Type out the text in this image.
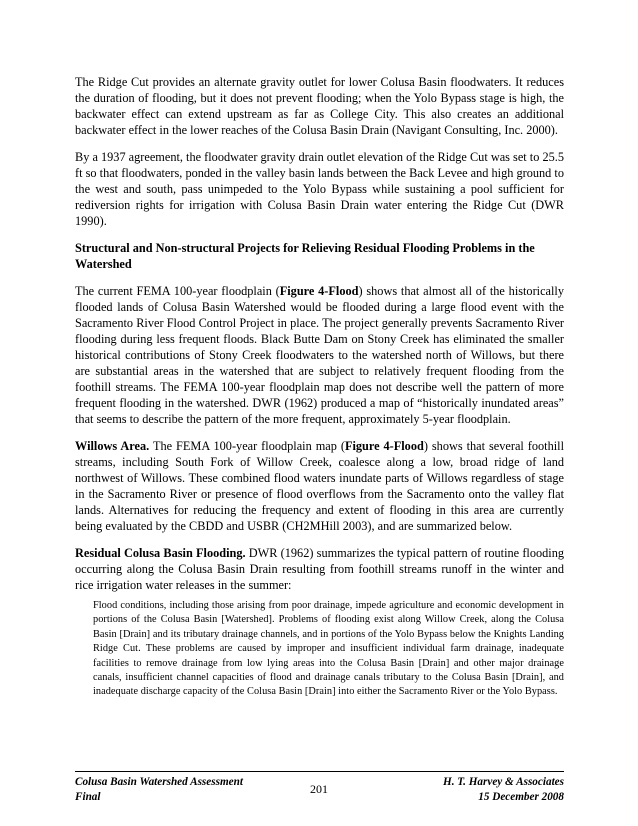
The Ridge Cut provides an alternate gravity outlet for lower Colusa Basin floodwaters. It reduces the duration of flooding, but it does not prevent flooding; when the Yolo Bypass stage is high, the backwater effect can extend upstream as far as College City. This also creates an additional backwater effect in the lower reaches of the Colusa Basin Drain (Navigant Consulting, Inc. 2000).

By a 1937 agreement, the floodwater gravity drain outlet elevation of the Ridge Cut was set to 25.5 ft so that floodwaters, ponded in the valley basin lands between the Back Levee and high ground to the west and south, pass unimpeded to the Yolo Bypass while sustaining a pool sufficient for rediversion rights for irrigation with Colusa Basin Drain water entering the Ridge Cut (DWR 1990).

Structural and Non-structural Projects for Relieving Residual Flooding Problems in the Watershed

The current FEMA 100-year floodplain (Figure 4-Flood) shows that almost all of the historically flooded lands of Colusa Basin Watershed would be flooded during a large flood event with the Sacramento River Flood Control Project in place. The project generally prevents Sacramento River flooding during less frequent floods. Black Butte Dam on Stony Creek has eliminated the smaller historical contributions of Stony Creek floodwaters to the watershed north of Willows, but there are substantial areas in the watershed that are subject to relatively frequent flooding from the foothill streams. The FEMA 100-year floodplain map does not describe well the pattern of more frequent flooding in the watershed. DWR (1962) produced a map of “historically inundated areas” that seems to describe the pattern of the more frequent, approximately 5-year floodplain.

Willows Area. The FEMA 100-year floodplain map (Figure 4-Flood) shows that several foothill streams, including South Fork of Willow Creek, coalesce along a low, broad ridge of land northwest of Willows. These combined flood waters inundate parts of Willows regardless of stage in the Sacramento River or presence of flood overflows from the Sacramento onto the valley flat lands. Alternatives for reducing the frequency and extent of flooding in this area are currently being evaluated by the CBDD and USBR (CH2MHill 2003), and are summarized below.

Residual Colusa Basin Flooding. DWR (1962) summarizes the typical pattern of routine flooding occurring along the Colusa Basin Drain resulting from foothill streams runoff in the winter and rice irrigation water releases in the summer:

Flood conditions, including those arising from poor drainage, impede agriculture and economic development in portions of the Colusa Basin [Watershed]. Problems of flooding exist along Willow Creek, along the Colusa Basin [Drain] and its tributary drainage channels, and in portions of the Yolo Bypass below the Knights Landing Ridge Cut. These problems are caused by improper and insufficient individual farm drainage, inadequate facilities to remove drainage from low lying areas into the Colusa Basin [Drain] and other major drainage canals, insufficient channel capacities of flood and drainage canals tributary to the Colusa Basin [Drain], and inadequate discharge capacity of the Colusa Basin [Drain] into either the Sacramento River or the Yolo Bypass.

Colusa Basin Watershed Assessment
Final
201	H. T. Harvey & Associates
15 December 2008
